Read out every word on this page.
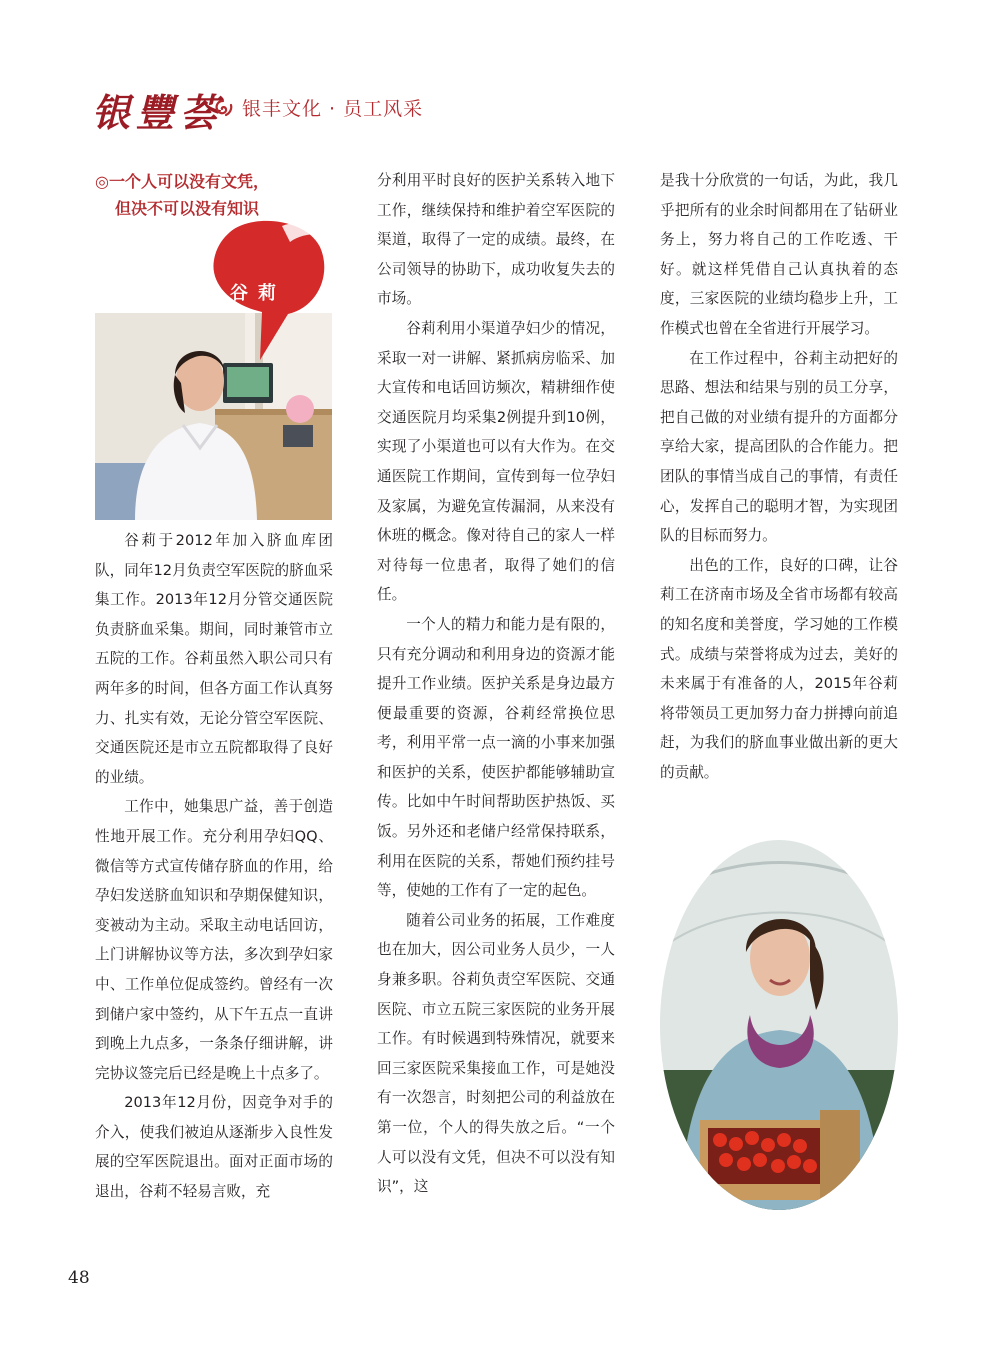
银豐荟 银丰文化 · 员工风采
◎一个人可以没有文凭，
但决不可以没有知识
谷莉

谷莉于2012年加入脐血库团队，同年12月负责空军医院的脐血采集工作。2013年12月分管交通医院负责脐血采集。期间，同时兼管市立五院的工作。谷莉虽然入职公司只有两年多的时间，但各方面工作认真努力、扎实有效，无论分管空军医院、交通医院还是市立五院都取得了良好的业绩。

工作中，她集思广益，善于创造性地开展工作。充分利用孕妇QQ、微信等方式宣传储存脐血的作用，给孕妇发送脐血知识和孕期保健知识，变被动为主动。采取主动电话回访，上门讲解协议等方法，多次到孕妇家中、工作单位促成签约。曾经有一次到储户家中签约，从下午五点一直讲到晚上九点多，一条条仔细讲解，讲完协议签完后已经是晚上十点多了。

2013年12月份，因竞争对手的介入，使我们被迫从逐渐步入良性发展的空军医院退出。面对正面市场的退出，谷莉不轻易言败，充

分利用平时良好的医护关系转入地下工作，继续保持和维护着空军医院的渠道，取得了一定的成绩。最终，在公司领导的协助下，成功收复失去的市场。

谷莉利用小渠道孕妇少的情况，采取一对一讲解、紧抓病房临采、加大宣传和电话回访频次，精耕细作使交通医院月均采集2例提升到10例，实现了小渠道也可以有大作为。在交通医院工作期间，宣传到每一位孕妇及家属，为避免宣传漏洞，从来没有休班的概念。像对待自己的家人一样对待每一位患者，取得了她们的信任。

一个人的精力和能力是有限的，只有充分调动和利用身边的资源才能提升工作业绩。医护关系是身边最方便最重要的资源，谷莉经常换位思考，利用平常一点一滴的小事来加强和医护的关系，使医护都能够辅助宣传。比如中午时间帮助医护热饭、买饭。另外还和老储户经常保持联系，利用在医院的关系，帮她们预约挂号等，使她的工作有了一定的起色。

随着公司业务的拓展，工作难度也在加大，因公司业务人员少，一人身兼多职。谷莉负责空军医院、交通医院、市立五院三家医院的业务开展工作。有时候遇到特殊情况，就要来回三家医院采集接血工作，可是她没有一次怨言，时刻把公司的利益放在第一位，个人的得失放之后。“一个人可以没有文凭，但决不可以没有知识”，这

是我十分欣赏的一句话，为此，我几乎把所有的业余时间都用在了钻研业务上，努力将自己的工作吃透、干好。就这样凭借自己认真执着的态度，三家医院的业绩均稳步上升，工作模式也曾在全省进行开展学习。

在工作过程中，谷莉主动把好的思路、想法和结果与别的员工分享，把自己做的对业绩有提升的方面都分享给大家，提高团队的合作能力。把团队的事情当成自己的事情，有责任心，发挥自己的聪明才智，为实现团队的目标而努力。

出色的工作，良好的口碑，让谷莉工在济南市场及全省市场都有较高的知名度和美誉度，学习她的工作模式。成绩与荣誉将成为过去，美好的未来属于有准备的人，2015年谷莉将带领员工更加努力奋力拼搏向前追赶，为我们的脐血事业做出新的更大的贡献。

48
